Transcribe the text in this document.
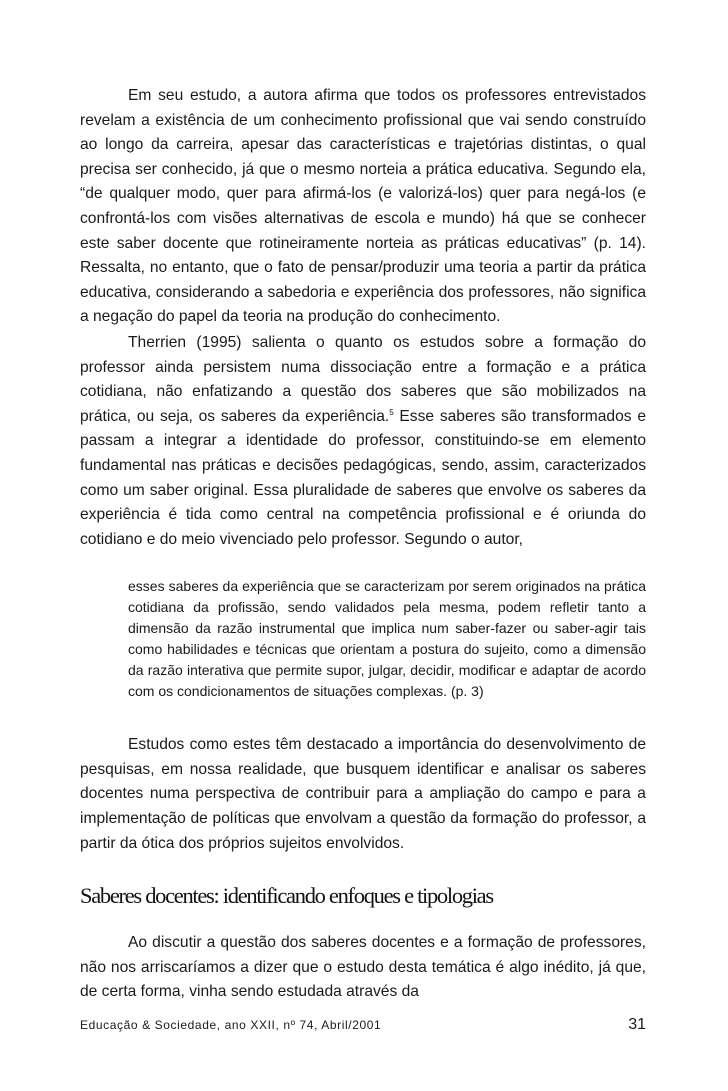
Em seu estudo, a autora afirma que todos os professores entrevistados revelam a existência de um conhecimento profissional que vai sendo construído ao longo da carreira, apesar das características e trajetórias distintas, o qual precisa ser conhecido, já que o mesmo norteia a prática educativa. Segundo ela, “de qualquer modo, quer para afirmá-los (e valorizá-los) quer para negá-los (e confrontá-los com visões alternativas de escola e mundo) há que se conhecer este saber docente que rotineiramente norteia as práticas educativas” (p. 14). Ressalta, no entanto, que o fato de pensar/produzir uma teoria a partir da prática educativa, considerando a sabedoria e experiência dos professores, não significa a negação do papel da teoria na produção do conhecimento.

Therrien (1995) salienta o quanto os estudos sobre a formação do professor ainda persistem numa dissociação entre a formação e a prática cotidiana, não enfatizando a questão dos saberes que são mobilizados na prática, ou seja, os saberes da experiência.$^5$ Esse saberes são transformados e passam a integrar a identidade do professor, constituindo-se em elemento fundamental nas práticas e decisões pedagógicas, sendo, assim, caracterizados como um saber original. Essa pluralidade de saberes que envolve os saberes da experiência é tida como central na competência profissional e é oriunda do cotidiano e do meio vivenciado pelo professor. Segundo o autor,

esses saberes da experiência que se caracterizam por serem originados na prática cotidiana da profissão, sendo validados pela mesma, podem refletir tanto a dimensão da razão instrumental que implica num saber-fazer ou saber-agir tais como habilidades e técnicas que orientam a postura do sujeito, como a dimensão da razão interativa que permite supor, julgar, decidir, modificar e adaptar de acordo com os condicionamentos de situações complexas. (p. 3)

Estudos como estes têm destacado a importância do desenvolvimento de pesquisas, em nossa realidade, que busquem identificar e analisar os saberes docentes numa perspectiva de contribuir para a ampliação do campo e para a implementação de políticas que envolvam a questão da formação do professor, a partir da ótica dos próprios sujeitos envolvidos.

Saberes docentes: identificando enfoques e tipologias

Ao discutir a questão dos saberes docentes e a formação de professores, não nos arriscaríamos a dizer que o estudo desta temática é algo inédito, já que, de certa forma, vinha sendo estudada através da

Educação & Sociedade, ano XXII, nº 74, Abril/2001	31
